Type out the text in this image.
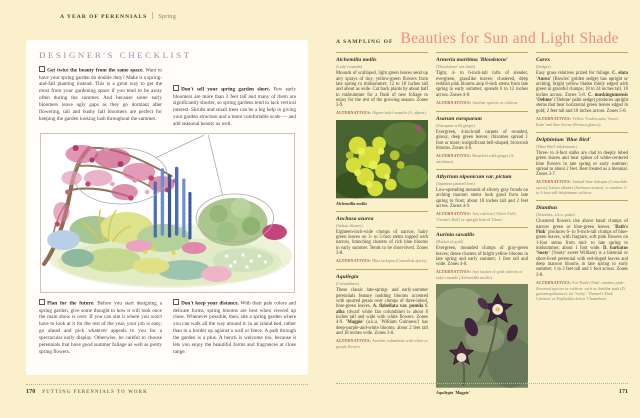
A YEAR OF PERENNIALS Spring
DESIGNER'S CHECKLIST
Get twice the beauty from the same space. Want to have your spring garden do double duty? Make it a spring-and-fall planting instead. This is a great way to get the most from your gardening space if you tend to be away often during the summer. And because some early bloomers leave ugly gaps as they go dormant after flowering, tall and bushy fall bloomers are perfect for keeping the garden looking lush throughout the summer.
Don't sell your spring garden short. Few early bloomers are more than 3 feet tall and many of them are significantly shorter, so spring gardens tend to lack vertical interest. Shrubs and small trees can be a big help in giving your garden structure and a more comfortable scale — and add seasonal beauty as well.
Plan for the future. Before you start designing a spring garden, give some thought to how it will look once the main show is over. If you can site it where you won't have to look at it for the rest of the year, your job is easy; go ahead and pick whatever appeals to you for a spectacular early display. Otherwise, be careful to choose perennials that have good summer foliage as well as pretty spring flowers.
Don't keep your distance. With their pale colors and delicate forms, spring blooms are best when viewed up close. Whenever possible, then, site a spring garden where you can walk all the way around it: in an island bed, rather than in a border up against a wall or fence. A path through the garden is a plus. A bench is welcome too, because it lets you enjoy the beautiful forms and fragrances at close range.
170 PUTTING PERENNIALS TO WORK
A SAMPLING OF Beauties for Sun and Light Shade
Alchemilla mollis
(Lady's mantle)
Mounds of scalloped, light green leaves send up airy sprays of tiny, yellow-green flowers from late spring to midsummer; 12 to 18 inches tall and about as wide. Cut back plants by about half in midsummer for a flush of new foliage to enjoy for the rest of the growing season. Zones 3-9.
ALTERNATIVES: Alpine lady's mantle (A. alpina).
Alchemilla mollis
Anchusa azurea
(Italian alkanet)
Eighteen-inch-wide clumps of narrow, hairy green leaves on 3- to 5-foot stems topped with narrow, branching clusters of rich blue blooms in early summer. Tends to be short-lived. Zones 3-8.
ALTERNATIVES: Blue larkspur (Consolida ajacis).
Aquilegia
(Columbines)
These classic late-spring- and early-summer perennials feature nodding blooms accented with spurred petals over clumps of three-lobed, blue-green leaves. A. flabellata var. pumila f. alba (dwarf white fan columbine) is about 8 inches tall and wide with white flowers. Zones 4-9. 'Magpie' (a.k.a. 'William Guinness') has deep-purple-and-white blooms; about 2 feet tall and 18 inches wide. Zones 3-8.
ALTERNATIVES: Another columbine with white or purple flowers.
Armeria maritima 'Bloodstone'
('Bloodstone' sea thrift)
Tight, 4- to 6-inch-tall tufts of slender, evergreen, grasslike leaves; clustered, deep reddish pink blooms atop 8-inch stems from late spring to early summer; spreads 6 to 12 inches across. Zones 4-8.
ALTERNATIVES: Another species or cultivar.
Asarum europaeum
(European wild ginger)
Evergreen, 4-inch-tall carpets of rounded, glossy, deep green leaves; rhizomes spread 1 foot or more; insignificant bell-shaped, brownish blooms. Zones 4-8.
ALTERNATIVES: Heartleaf wild ginger (A. arifolium).
Athyrium niponicum var. pictum
(Japanese painted fern)
Low-spreading mounds of silvery gray fronds on arching maroon stems look good from late spring to frost; about 18 inches tall and 2 feet across. Zones 4-9.
ALTERNATIVES: Any cultivar ('Silver Falls', 'Ursula's Red') or upright hybrid 'Ghost'.
Aurinia saxatilis
(Basket of gold)
Evergreen, mounded clumps of gray-green leaves; dense clusters of bright yellow blooms in late spring and early summer; 1 foot tall and wide. Zones 4-8.
ALTERNATIVES: Any basket of gold cultivar or lady's mantle (Alchemilla mollis).
Aquilegia 'Magpie'
Carex
(Sedges)
Easy grass relatives prized for foliage. C. elata 'Aurea' (Bowles' golden sedge) has upright or arching, bright yellow blades thinly edged with green in graceful clumps; 18 to 24 inches tall, 18 inches across. Zones 5-8. C. muskingumensis 'Oehme' ('Oehme' palm sedge) produces upright stems that bear horizontal green leaves edged in gold; 2 feet tall and 18 inches across. Zones 5-8.
ALTERNATIVES: Yellow Tradescantia 'Sweet Kate' and blue fescue (Festuca glauca).
Delphinium 'Blue Bird'
('Blue Bird' delphinium)
Three- to 4-foot stalks are clad in deeply lobed green leaves and bear spikes of white-centered blue flowers in late spring or early summer; spread to about 2 feet. Best treated as a biennial. Zones 3-7.
ALTERNATIVES: Annual blue larkspur (Consolida ajacis), Italian alkanet (Anchusa azurea), or another 3- to 4-foot-tall delphinium cultivar.
Dianthus
(Dianthus, a.k.a. pinks)
Clustered flowers rise above basal clumps of narrow green or blue-green leaves. 'Bath's Pink' produces 6- to 9-inch-tall clumps of blue-green leaves, with fragrant, soft pink flowers on 1-foot stems from mid- to late spring to midsummer; about 1 foot wide. D. barbatus 'Sooty' ('Sooty' sweet William) is a biennial or short-lived perennial with red-tinged leaves and deep maroon blooms in late spring to early summer; 1 to 2 feet tall and 1 foot across. Zones 3-8.
ALTERNATIVES: For 'Bath's Pink': another pink-flowered species or cultivar, such as cheddar pink (D. gratianopolitanus); for 'Sooty': 'Dunnet's Dark Crimson' or Euphorbia dulcis 'Chameleon'.
171
